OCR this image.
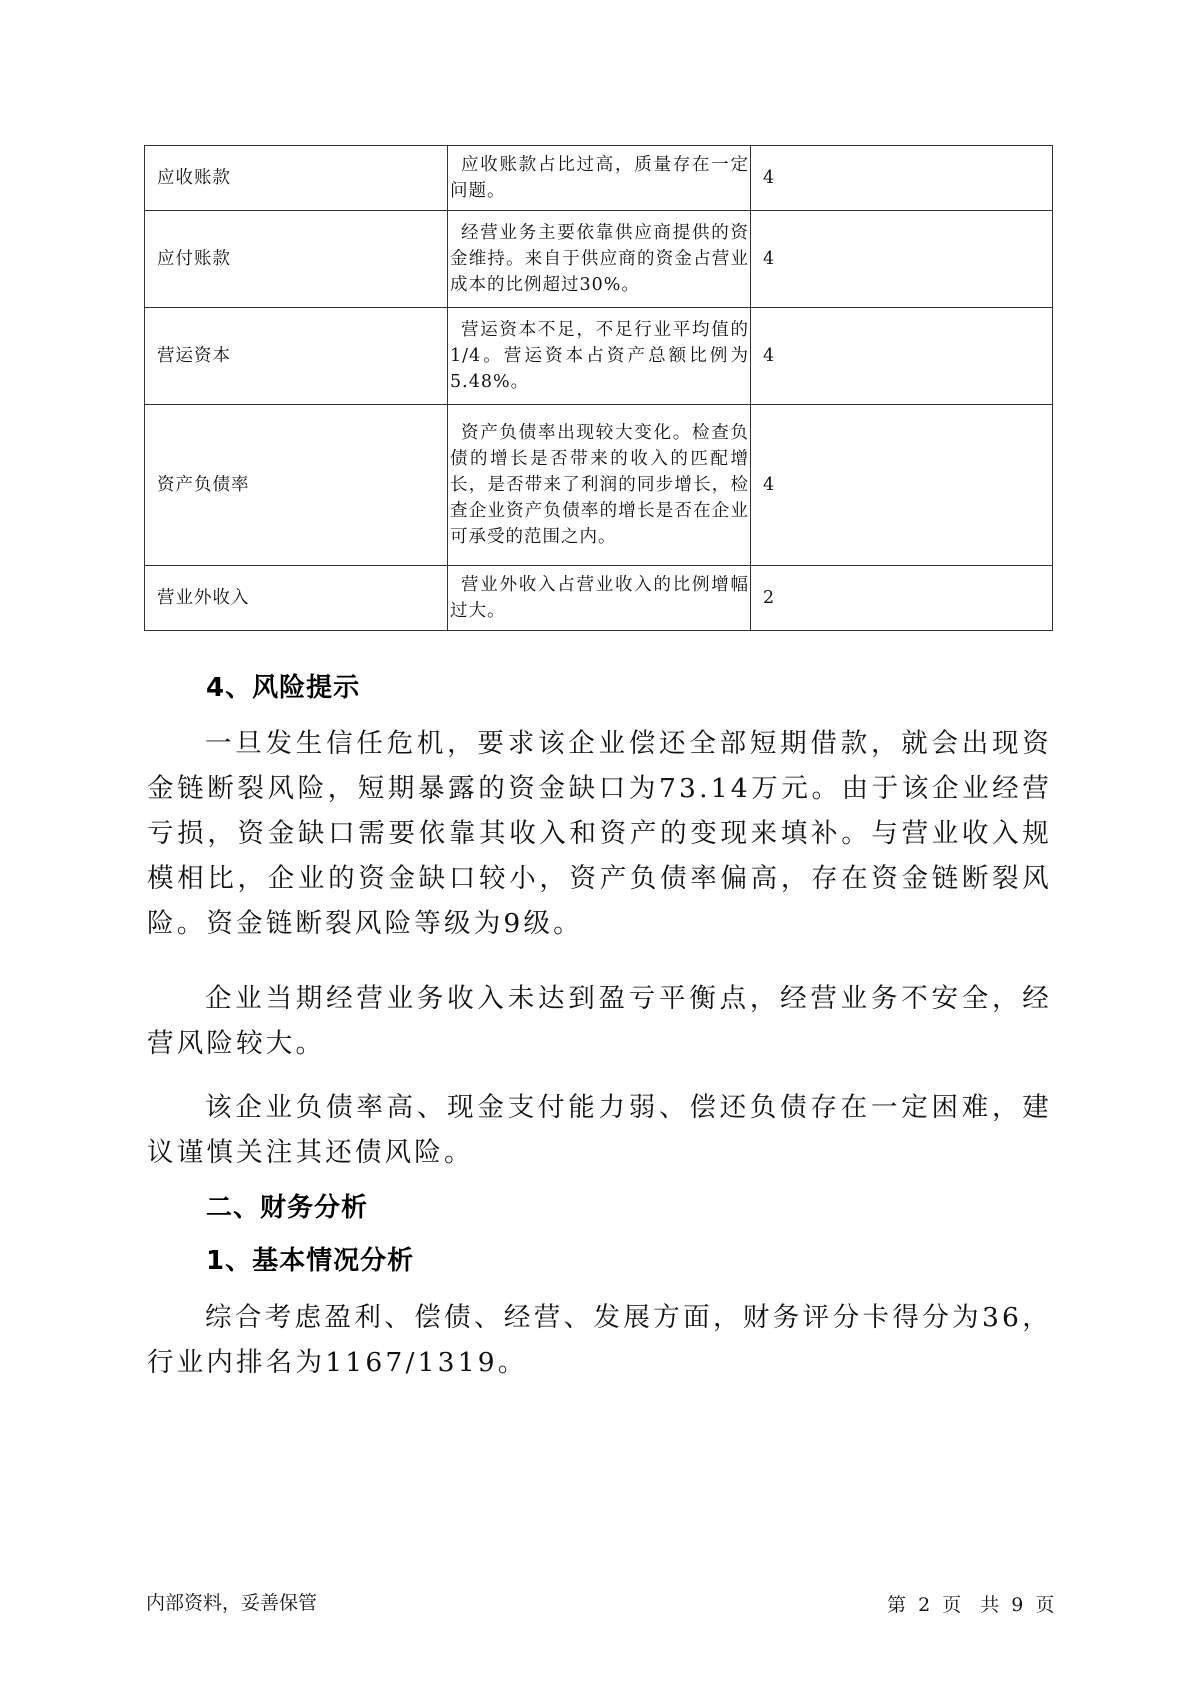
应收账款	应收账款占比过高，质量存在一定问题。	4
应付账款	经营业务主要依靠供应商提供的资金维持。来自于供应商的资金占营业成本的比例超过30%。	4
营运资本	营运资本不足，不足行业平均值的1/4。营运资本占资产总额比例为5.48%。	4
资产负债率	资产负债率出现较大变化。检查负债的增长是否带来的收入的匹配增长，是否带来了利润的同步增长，检查企业资产负债率的增长是否在企业可承受的范围之内。	4
营业外收入	营业外收入占营业收入的比例增幅过大。	2
4、风险提示

一旦发生信任危机，要求该企业偿还全部短期借款，就会出现资金链断裂风险，短期暴露的资金缺口为73.14万元。由于该企业经营亏损，资金缺口需要依靠其收入和资产的变现来填补。与营业收入规模相比，企业的资金缺口较小，资产负债率偏高，存在资金链断裂风险。资金链断裂风险等级为9级。

企业当期经营业务收入未达到盈亏平衡点，经营业务不安全，经营风险较大。

该企业负债率高、现金支付能力弱、偿还负债存在一定困难，建议谨慎关注其还债风险。

二、财务分析
1、基本情况分析

综合考虑盈利、偿债、经营、发展方面，财务评分卡得分为36，行业内排名为1167/1319。

内部资料，妥善保管	第 2 页　共 9 页
